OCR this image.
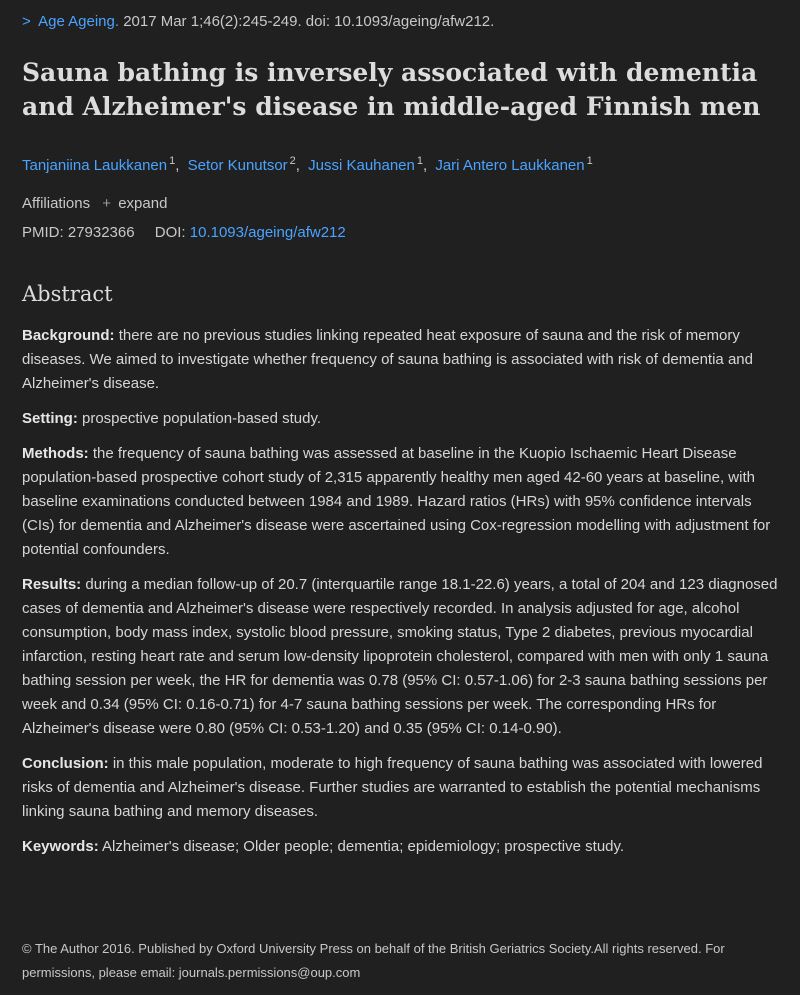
> Age Ageing. 2017 Mar 1;46(2):245-249. doi: 10.1093/ageing/afw212.
Sauna bathing is inversely associated with dementia and Alzheimer's disease in middle-aged Finnish men
Tanjaniina Laukkanen $^1$, Setor Kunutsor $^2$, Jussi Kauhanen $^1$, Jari Antero Laukkanen $^1$
Affiliations + expand
PMID: 27932366 DOI: 10.1093/ageing/afw212
Abstract

Background: there are no previous studies linking repeated heat exposure of sauna and the risk of memory diseases. We aimed to investigate whether frequency of sauna bathing is associated with risk of dementia and Alzheimer's disease.

Setting: prospective population-based study.

Methods: the frequency of sauna bathing was assessed at baseline in the Kuopio Ischaemic Heart Disease population-based prospective cohort study of 2,315 apparently healthy men aged 42-60 years at baseline, with baseline examinations conducted between 1984 and 1989. Hazard ratios (HRs) with 95% confidence intervals (CIs) for dementia and Alzheimer's disease were ascertained using Cox-regression modelling with adjustment for potential confounders.

Results: during a median follow-up of 20.7 (interquartile range 18.1-22.6) years, a total of 204 and 123 diagnosed cases of dementia and Alzheimer's disease were respectively recorded. In analysis adjusted for age, alcohol consumption, body mass index, systolic blood pressure, smoking status, Type 2 diabetes, previous myocardial infarction, resting heart rate and serum low-density lipoprotein cholesterol, compared with men with only 1 sauna bathing session per week, the HR for dementia was 0.78 (95% CI: 0.57-1.06) for 2-3 sauna bathing sessions per week and 0.34 (95% CI: 0.16-0.71) for 4-7 sauna bathing sessions per week. The corresponding HRs for Alzheimer's disease were 0.80 (95% CI: 0.53-1.20) and 0.35 (95% CI: 0.14-0.90).

Conclusion: in this male population, moderate to high frequency of sauna bathing was associated with lowered risks of dementia and Alzheimer's disease. Further studies are warranted to establish the potential mechanisms linking sauna bathing and memory diseases.

Keywords: Alzheimer's disease; Older people; dementia; epidemiology; prospective study.

© The Author 2016. Published by Oxford University Press on behalf of the British Geriatrics Society.All rights reserved. For permissions, please email: journals.permissions@oup.com
